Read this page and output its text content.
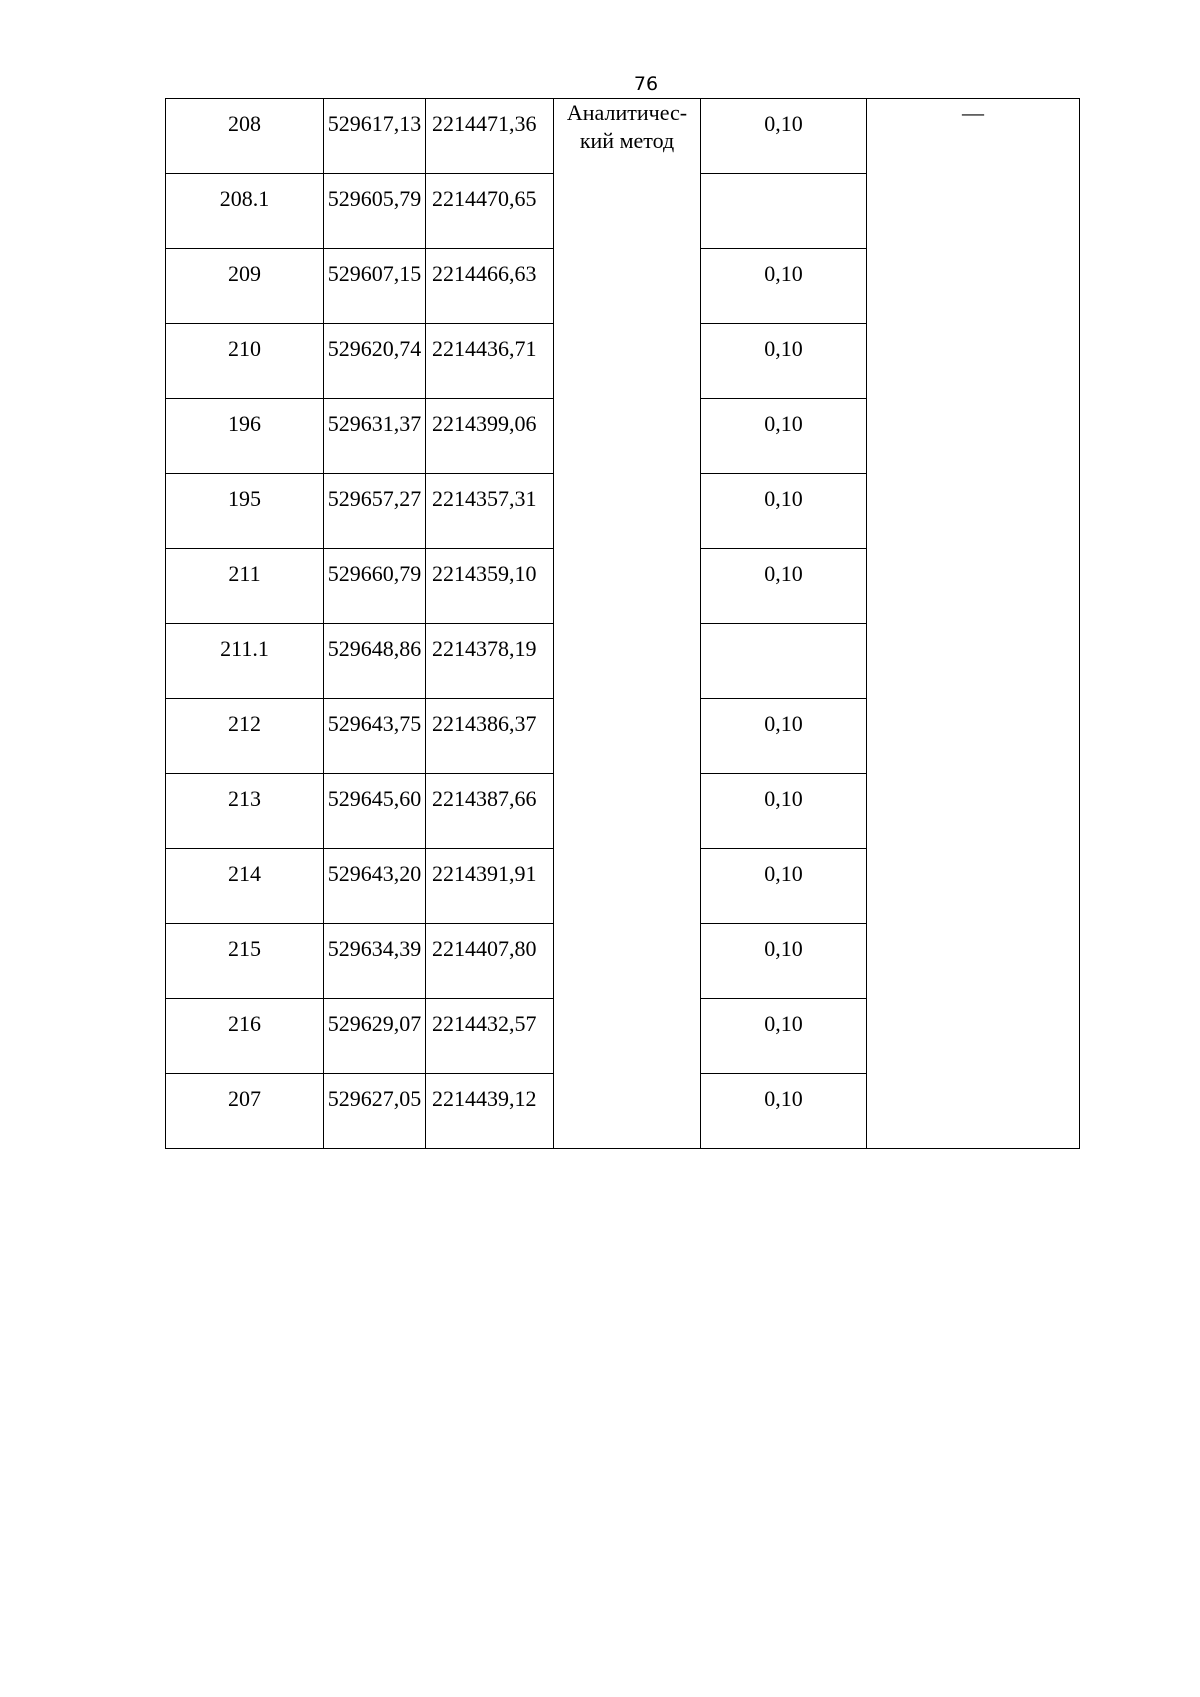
76
208	529617,13	2214471,36	Аналитичес-кий метод	0,10	—

208.1	529605,79	2214470,65			

209	529607,15	2214466,63		0,10	

210	529620,74	2214436,71		0,10	

196	529631,37	2214399,06		0,10	

195	529657,27	2214357,31		0,10	

211	529660,79	2214359,10		0,10	

211.1	529648,86	2214378,19			

212	529643,75	2214386,37		0,10	

213	529645,60	2214387,66		0,10	

214	529643,20	2214391,91		0,10	

215	529634,39	2214407,80		0,10	

216	529629,07	2214432,57		0,10	

207	529627,05	2214439,12		0,10	
